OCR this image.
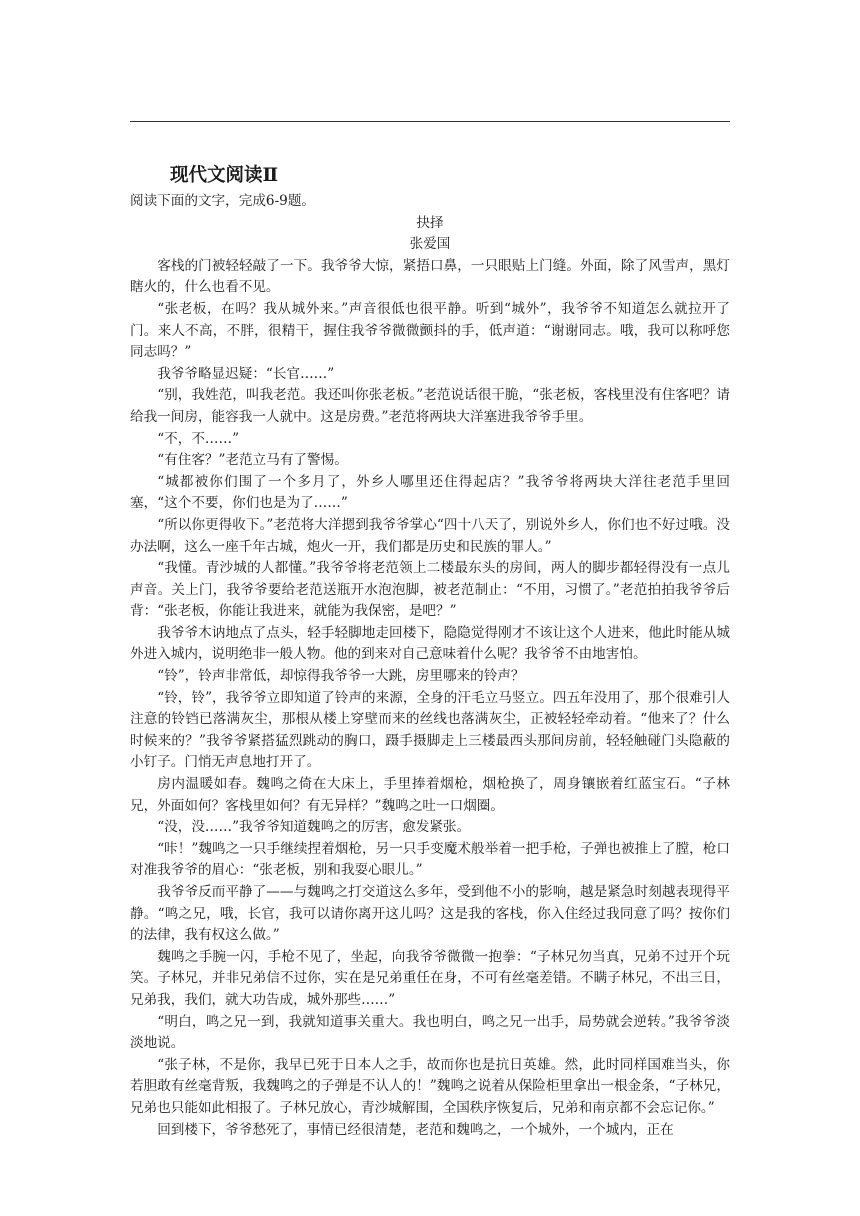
现代文阅读Ⅱ

阅读下面的文字，完成6-9题。

抉择
张爱国

客栈的门被轻轻敲了一下。我爷爷大惊，紧捂口鼻，一只眼贴上门缝。外面，除了风雪声，黑灯瞎火的，什么也看不见。

“张老板，在吗？我从城外来。”声音很低也很平静。听到“城外”，我爷爷不知道怎么就拉开了门。来人不高，不胖，很精干，握住我爷爷微微颤抖的手，低声道：“谢谢同志。哦，我可以称呼您同志吗？”

我爷爷略显迟疑：“长官……”

“别，我姓范，叫我老范。我还叫你张老板。”老范说话很干脆，“张老板，客栈里没有住客吧？请给我一间房，能容我一人就中。这是房费。”老范将两块大洋塞进我爷爷手里。

“不，不……”

“有住客？”老范立马有了警惕。

“城都被你们围了一个多月了，外乡人哪里还住得起店？”我爷爷将两块大洋往老范手里回塞，“这个不要，你们也是为了……”

“所以你更得收下。”老范将大洋摁到我爷爷掌心“四十八天了，别说外乡人，你们也不好过哦。没办法啊，这么一座千年古城，炮火一开，我们都是历史和民族的罪人。”

“我懂。青沙城的人都懂。”我爷爷将老范领上二楼最东头的房间，两人的脚步都轻得没有一点儿声音。关上门，我爷爷要给老范送瓶开水泡泡脚，被老范制止：“不用，习惯了。”老范拍拍我爷爷后背：“张老板，你能让我进来，就能为我保密，是吧？”

我爷爷木讷地点了点头，轻手轻脚地走回楼下，隐隐觉得刚才不该让这个人进来，他此时能从城外进入城内，说明绝非一般人物。他的到来对自己意味着什么呢？我爷爷不由地害怕。

“铃”，铃声非常低，却惊得我爷爷一大跳，房里哪来的铃声？

“铃，铃”，我爷爷立即知道了铃声的来源，全身的汗毛立马竖立。四五年没用了，那个很难引人注意的铃铛已落满灰尘，那根从楼上穿壁而来的丝线也落满灰尘，正被轻轻牵动着。“他来了？什么时候来的？”我爷爷紧搭猛烈跳动的胸口，蹑手摄脚走上三楼最西头那间房前，轻轻触碰门头隐蔽的小钉子。门悄无声息地打开了。

房内温暖如春。魏鸣之倚在大床上，手里捧着烟枪，烟枪换了，周身镶嵌着红蓝宝石。“子林兄，外面如何？客栈里如何？有无异样？”魏鸣之吐一口烟圈。

“没，没……”我爷爷知道魏鸣之的厉害，愈发紧张。

“咔！”魏鸣之一只手继续捏着烟枪，另一只手变魔术般举着一把手枪，子弹也被推上了膛，枪口对准我爷爷的眉心：“张老板，别和我耍心眼儿。”

我爷爷反而平静了——与魏鸣之打交道这么多年，受到他不小的影响，越是紧急时刻越表现得平静。“鸣之兄，哦，长官，我可以请你离开这儿吗？这是我的客栈，你入住经过我同意了吗？按你们的法律，我有权这么做。”

魏鸣之手腕一闪，手枪不见了，坐起，向我爷爷微微一抱拳：“子林兄勿当真，兄弟不过开个玩笑。子林兄，并非兄弟信不过你，实在是兄弟重任在身，不可有丝毫差错。不瞒子林兄，不出三日，兄弟我，我们，就大功告成，城外那些……”

“明白，鸣之兄一到，我就知道事关重大。我也明白，鸣之兄一出手，局势就会逆转。”我爷爷淡淡地说。

“张子林，不是你，我早已死于日本人之手，故而你也是抗日英雄。然，此时同样国难当头，你若胆敢有丝毫背叛，我魏鸣之的子弹是不认人的！”魏鸣之说着从保险柜里拿出一根金条，“子林兄，兄弟也只能如此相报了。子林兄放心，青沙城解围，全国秩序恢复后，兄弟和南京都不会忘记你。”

回到楼下，爷爷愁死了，事情已经很清楚，老范和魏鸣之，一个城外，一个城内，正在
